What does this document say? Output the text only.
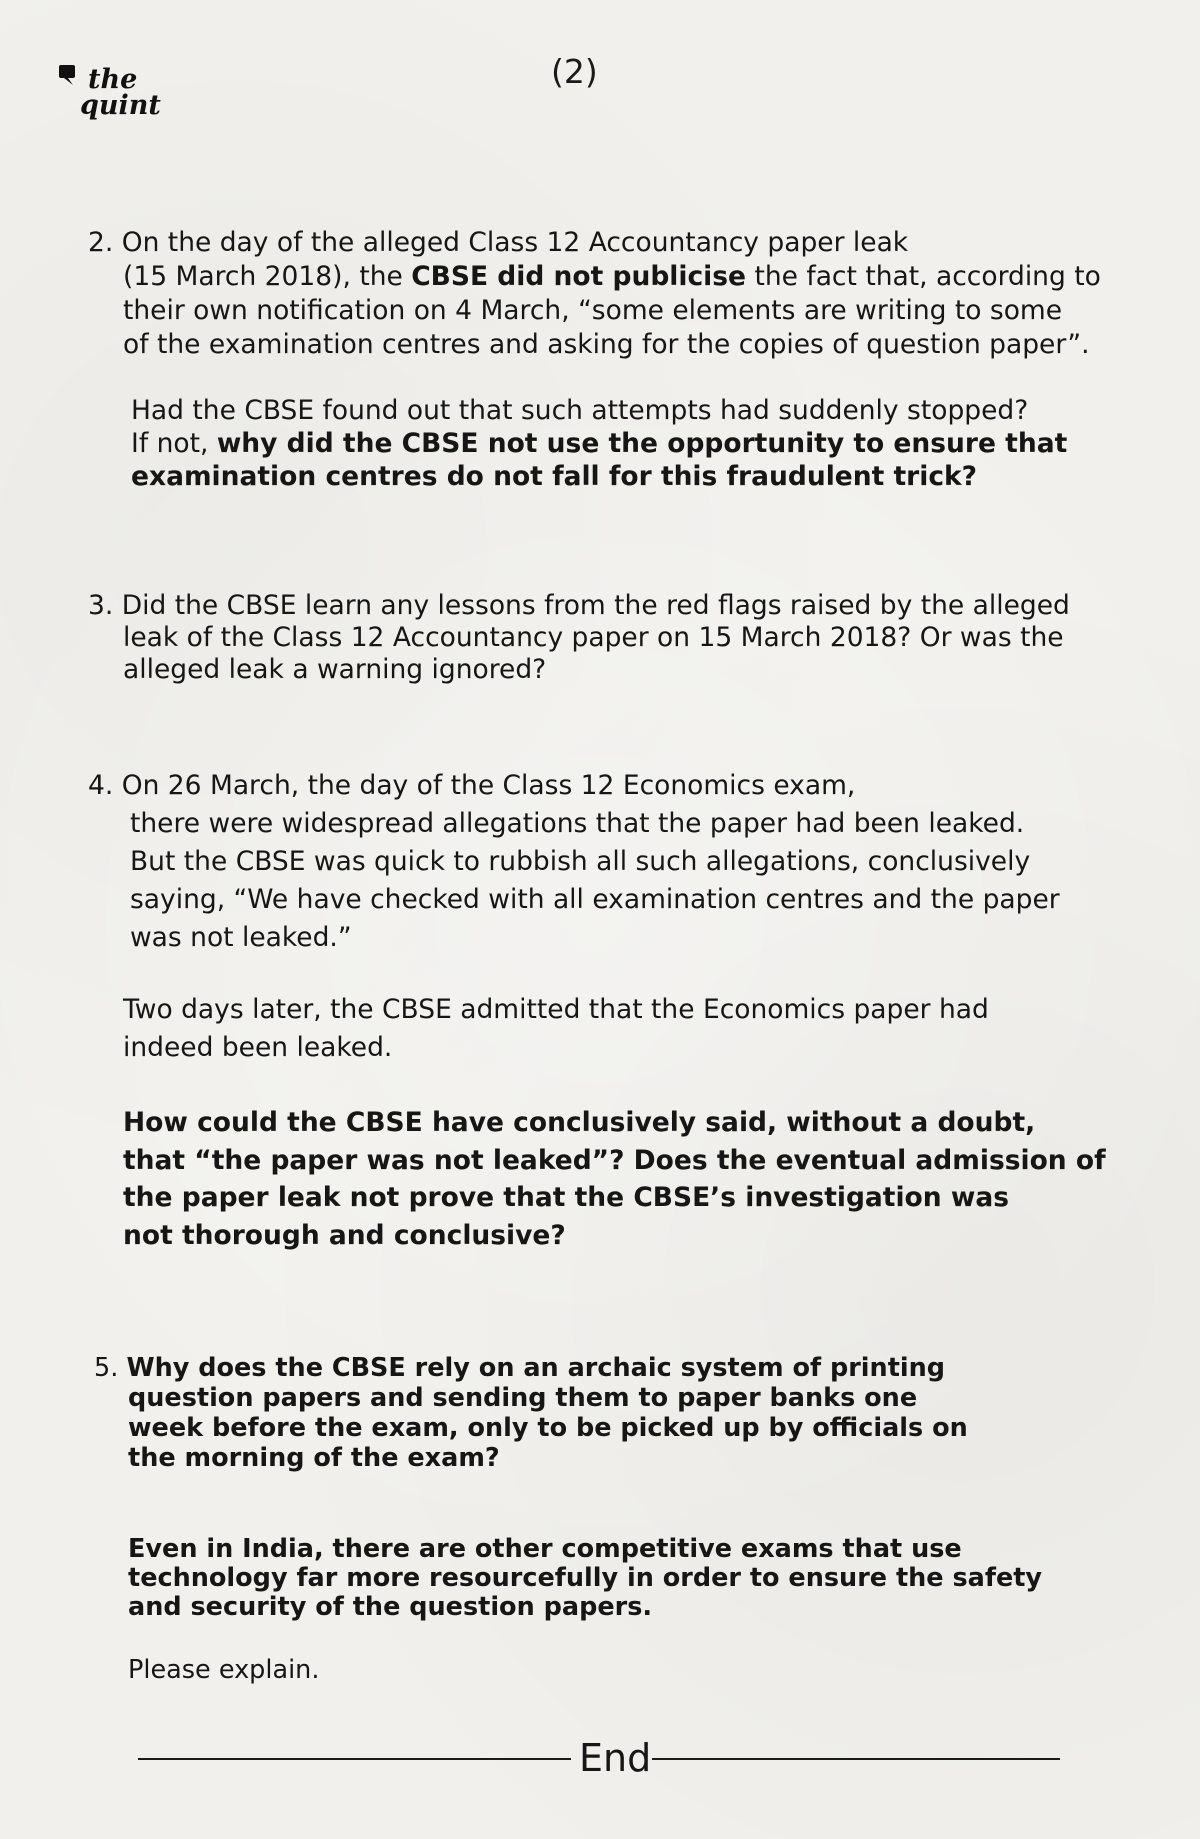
the
quint
(2)
2. On the day of the alleged Class 12 Accountancy paper leak
(15 March 2018), the CBSE did not publicise the fact that, according to
their own notification on 4 March, “some elements are writing to some
of the examination centres and asking for the copies of question paper”.
Had the CBSE found out that such attempts had suddenly stopped?
If not, why did the CBSE not use the opportunity to ensure that
examination centres do not fall for this fraudulent trick?
3. Did the CBSE learn any lessons from the red flags raised by the alleged
leak of the Class 12 Accountancy paper on 15 March 2018? Or was the
alleged leak a warning ignored?
4. On 26 March, the day of the Class 12 Economics exam,
there were widespread allegations that the paper had been leaked.
But the CBSE was quick to rubbish all such allegations, conclusively
saying, “We have checked with all examination centres and the paper
was not leaked.”
Two days later, the CBSE admitted that the Economics paper had
indeed been leaked.
How could the CBSE have conclusively said, without a doubt,
that “the paper was not leaked”? Does the eventual admission of
the paper leak not prove that the CBSE’s investigation was
not thorough and conclusive?
5. Why does the CBSE rely on an archaic system of printing
question papers and sending them to paper banks one
week before the exam, only to be picked up by officials on
the morning of the exam?
Even in India, there are other competitive exams that use
technology far more resourcefully in order to ensure the safety
and security of the question papers.
Please explain.
End
